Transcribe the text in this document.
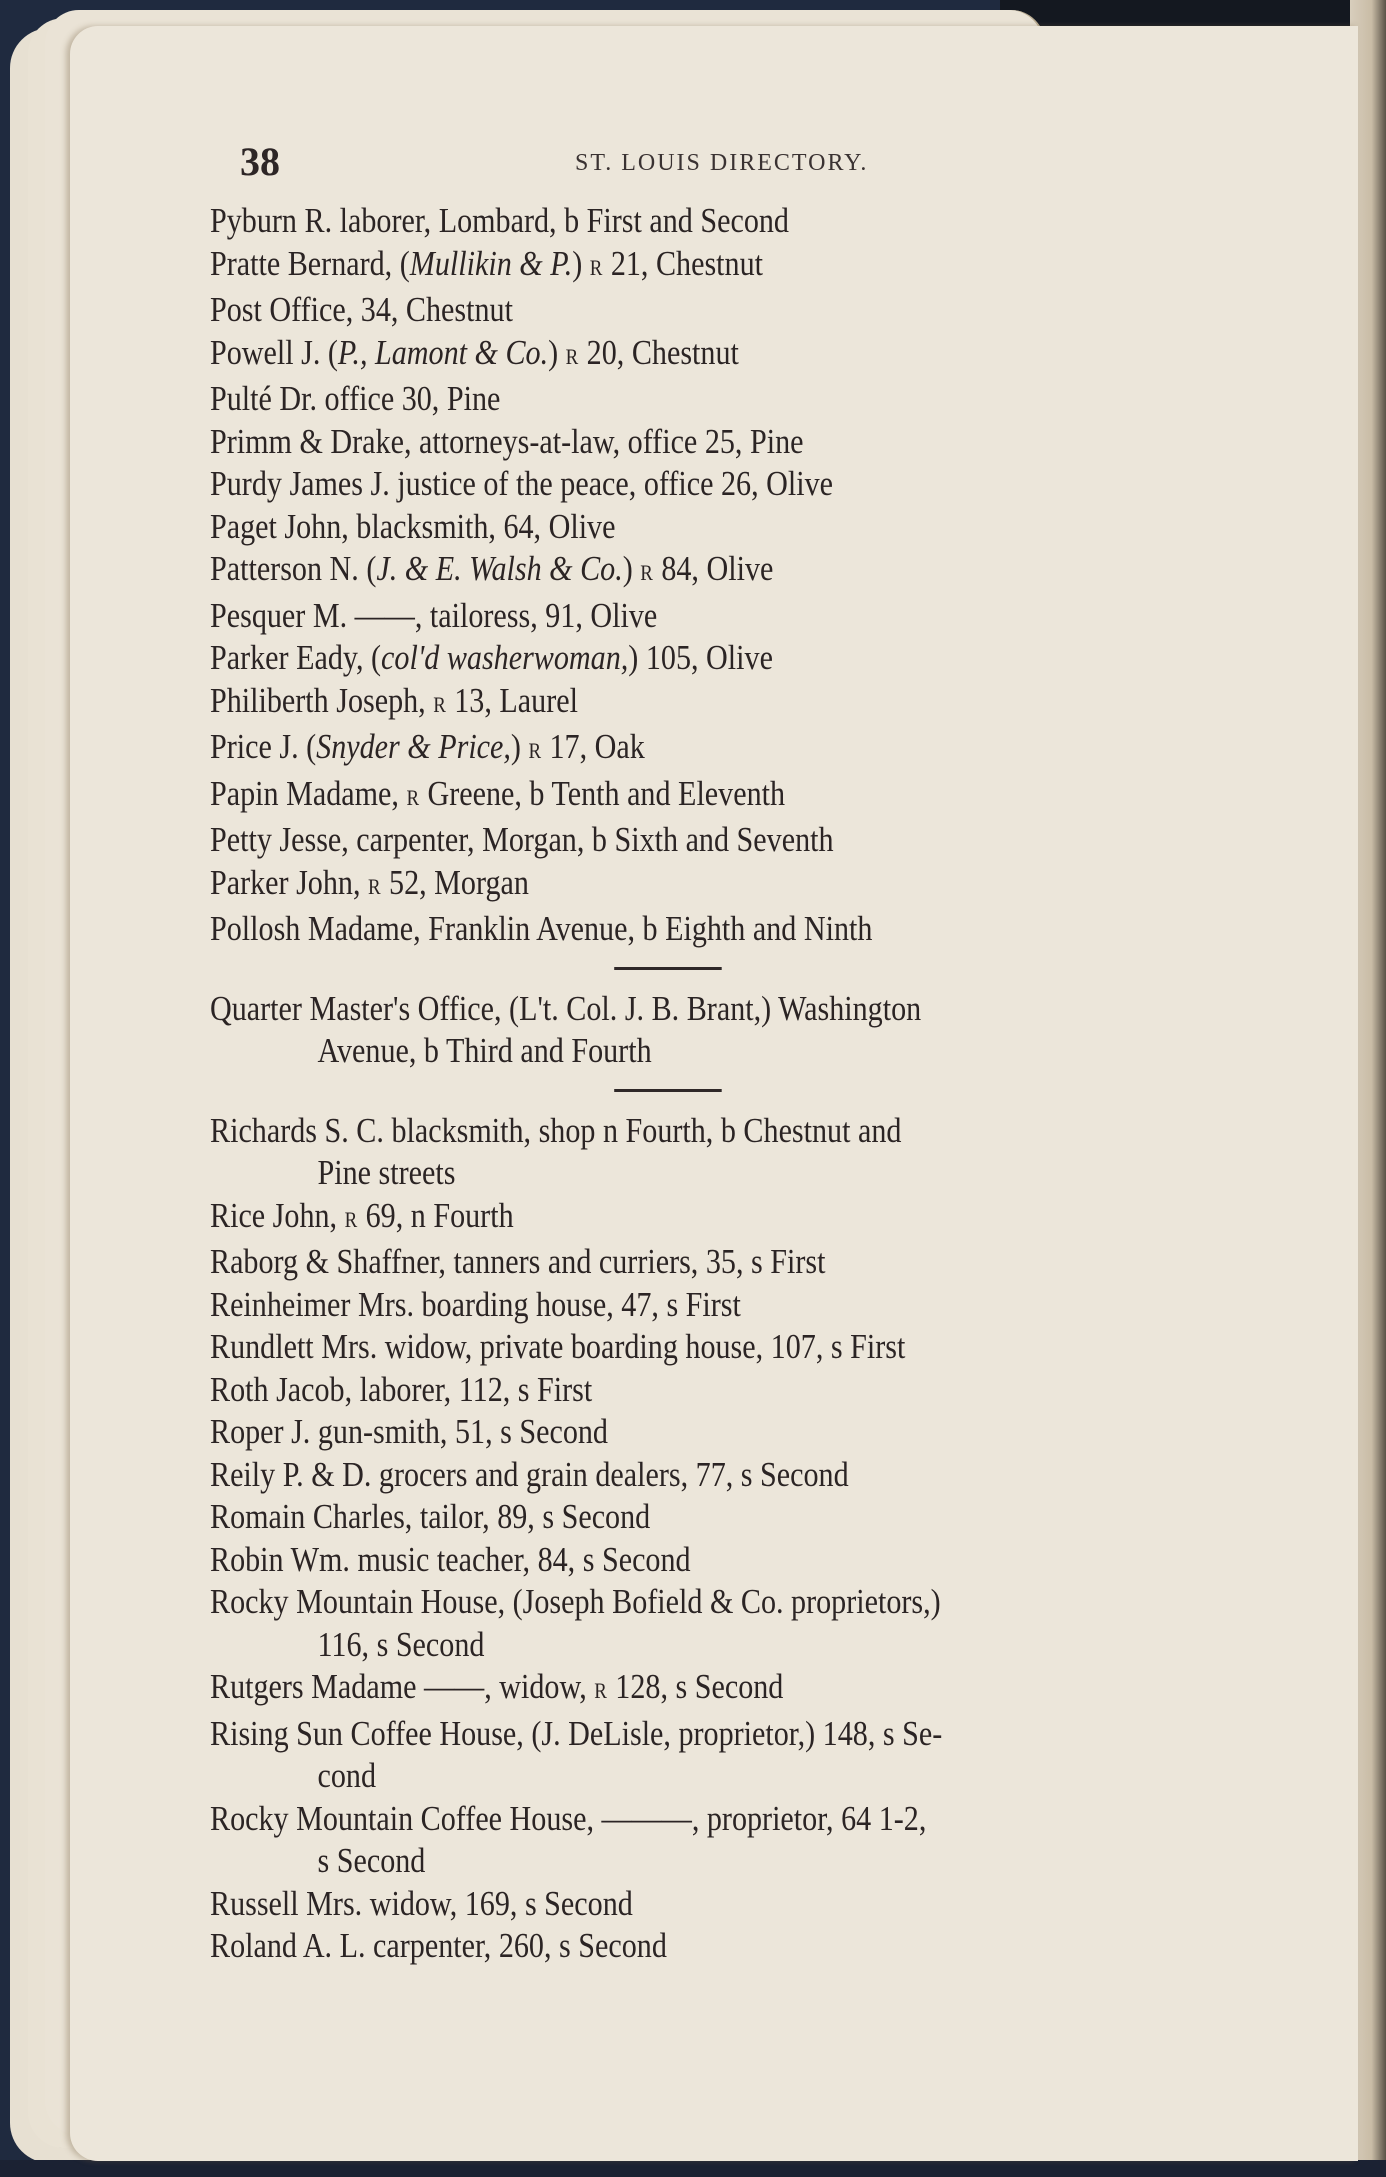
38	ST. LOUIS DIRECTORY.
Pyburn R. laborer, Lombard, b First and Second
Pratte Bernard, (Mullikin & P.) R 21, Chestnut
Post Office, 34, Chestnut
Powell J. (P., Lamont & Co.) R 20, Chestnut
Pulté Dr. office 30, Pine
Primm & Drake, attorneys-at-law, office 25, Pine
Purdy James J. justice of the peace, office 26, Olive
Paget John, blacksmith, 64, Olive
Patterson N. (J. & E. Walsh & Co.) R 84, Olive
Pesquer M. ——, tailoress, 91, Olive
Parker Eady, (col'd washerwoman,) 105, Olive
Philiberth Joseph, R 13, Laurel
Price J. (Snyder & Price,) R 17, Oak
Papin Madame, R Greene, b Tenth and Eleventh
Petty Jesse, carpenter, Morgan, b Sixth and Seventh
Parker John, R 52, Morgan
Pollosh Madame, Franklin Avenue, b Eighth and Ninth
Quarter Master's Office, (L't. Col. J. B. Brant,) Washington
Avenue, b Third and Fourth
Richards S. C. blacksmith, shop n Fourth, b Chestnut and
Pine streets
Rice John, R 69, n Fourth
Raborg & Shaffner, tanners and curriers, 35, s First
Reinheimer Mrs. boarding house, 47, s First
Rundlett Mrs. widow, private boarding house, 107, s First
Roth Jacob, laborer, 112, s First
Roper J. gun-smith, 51, s Second
Reily P. & D. grocers and grain dealers, 77, s Second
Romain Charles, tailor, 89, s Second
Robin Wm. music teacher, 84, s Second
Rocky Mountain House, (Joseph Bofield & Co. proprietors,)
116, s Second
Rutgers Madame ——, widow, R 128, s Second
Rising Sun Coffee House, (J. DeLisle, proprietor,) 148, s Se-
cond
Rocky Mountain Coffee House, ———, proprietor, 64 1-2,
s Second
Russell Mrs. widow, 169, s Second
Roland A. L. carpenter, 260, s Second
